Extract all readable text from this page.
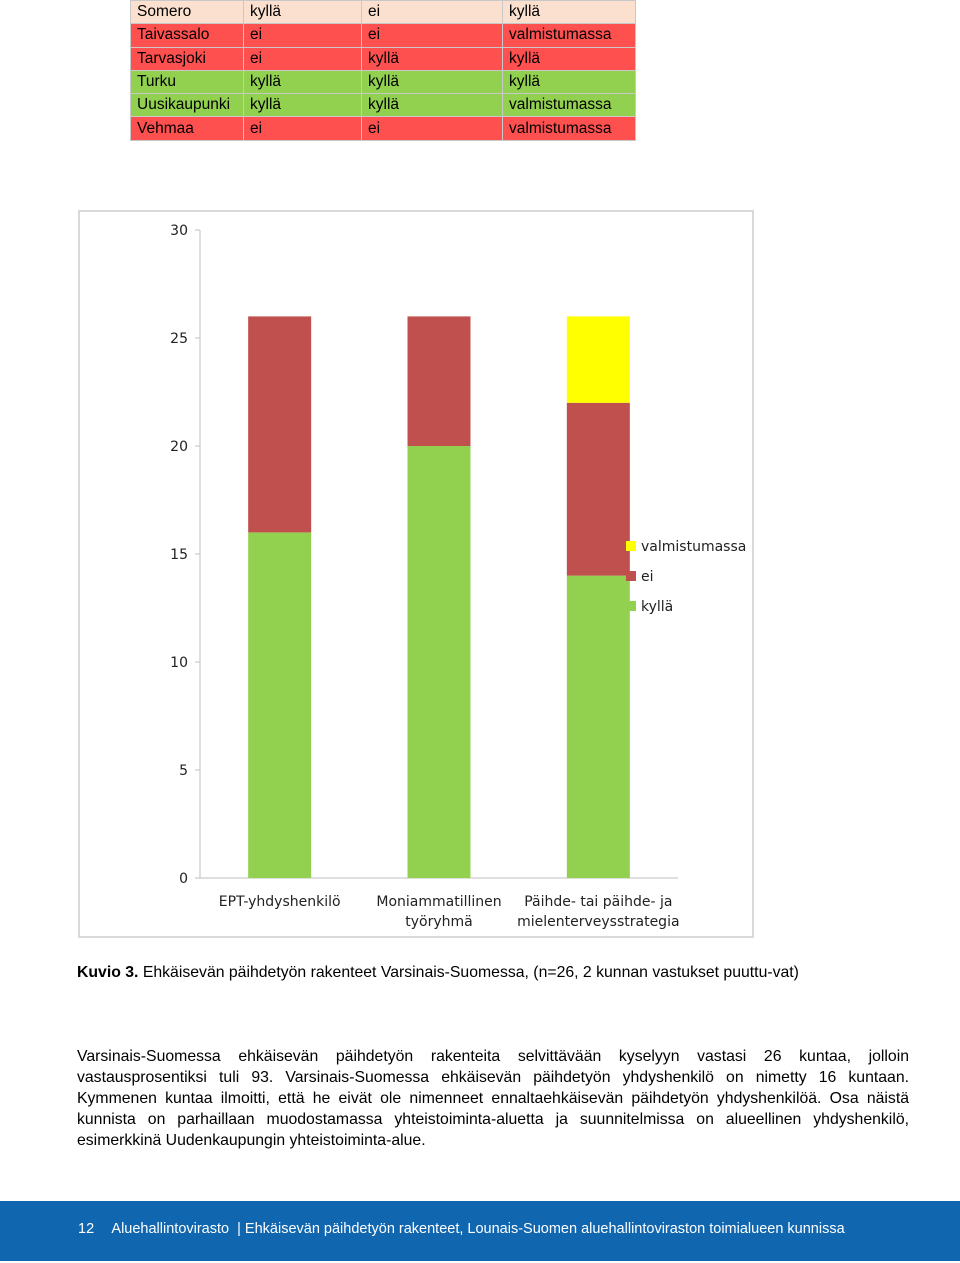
Somero	kyllä	ei	kyllä
Taivassalo	ei	ei	valmistumassa
Tarvasjoki	ei	kyllä	kyllä
Turku	kyllä	kyllä	kyllä
Uusikaupunki	kyllä	kyllä	valmistumassa
Vehmaa	ei	ei	valmistumassa
0
5
10
15
20
25
30
EPT-yhdyshenkilö	Moniammatillinen työryhmä
Päihde- tai päihde- ja mielenterveysstrategia
valmistumassa
ei
kyllä

Kuvio 3. Ehkäisevän päihdetyön rakenteet Varsinais-Suomessa, (n=26, 2 kunnan vastukset puuttu-vat)

Varsinais-Suomessa ehkäisevän päihdetyön rakenteita selvittävään kyselyyn vastasi 26 kuntaa, jolloin vastausprosentiksi tuli 93. Varsinais-Suomessa ehkäisevän päihdetyön yhdyshenkilö on nimetty 16 kuntaan. Kymmenen kuntaa ilmoitti, että he eivät ole nimenneet ennaltaehkäisevän päihdetyön yhdyshenkilöä. Osa näistä kunnista on parhaillaan muodostamassa yhteistoiminta-aluetta ja suunnitelmissa on alueellinen yhdyshenkilö, esimerkkinä Uudenkaupungin yhteistoiminta-alue.

12 Aluehallintovirasto  | Ehkäisevän päihdetyön rakenteet, Lounais-Suomen aluehallintoviraston toimialueen kunnissa
